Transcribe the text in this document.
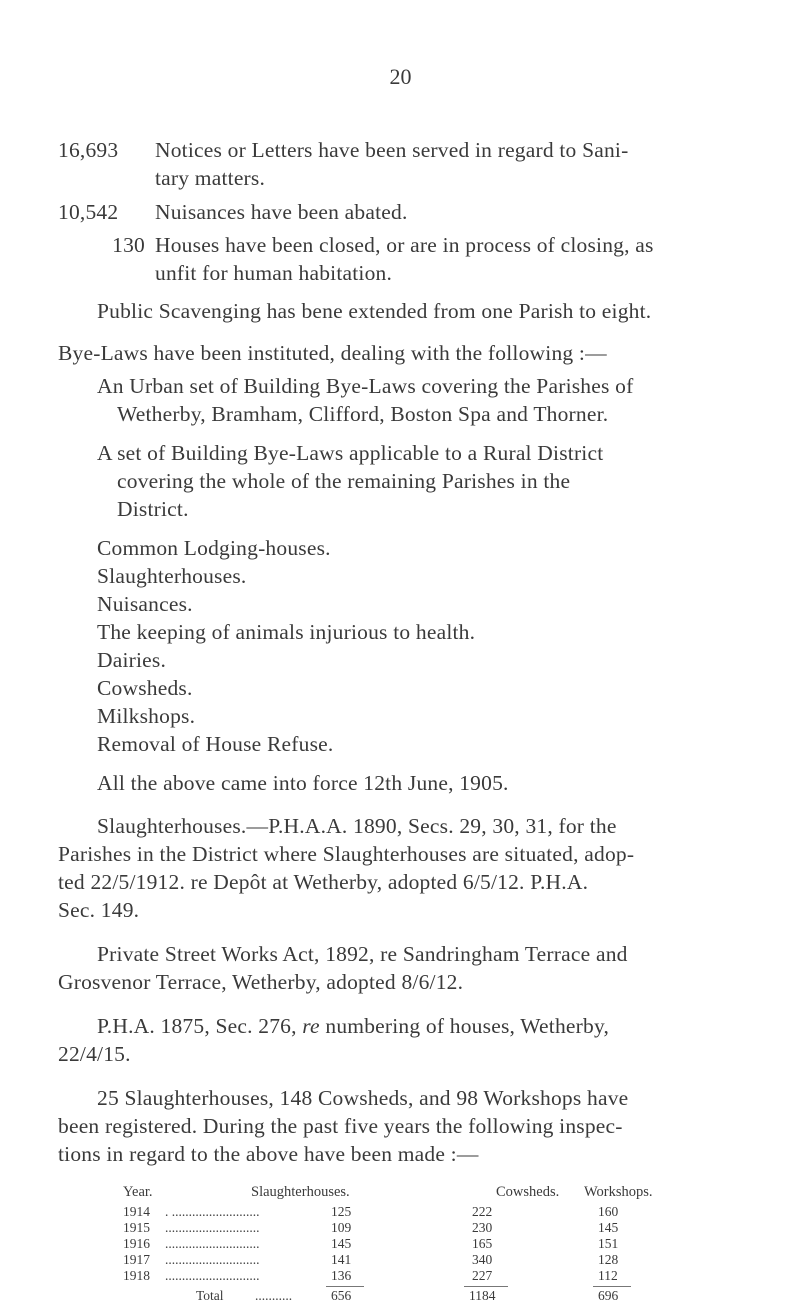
20
16,693 Notices or Letters have been served in regard to Sani-
tary matters.
10,542 Nuisances have been abated.
130 Houses have been closed, or are in process of closing, as
unfit for human habitation.
Public Scavenging has bene extended from one Parish to eight.
Bye-Laws have been instituted, dealing with the following :—
An Urban set of Building Bye-Laws covering the Parishes of
Wetherby, Bramham, Clifford, Boston Spa and Thorner.
A set of Building Bye-Laws applicable to a Rural District
covering the whole of the remaining Parishes in the
District.
Common Lodging-houses.
Slaughterhouses.
Nuisances.
The keeping of animals injurious to health.
Dairies.
Cowsheds.
Milkshops.
Removal of House Refuse.
All the above came into force 12th June, 1905.
Slaughterhouses.—P.H.A.A. 1890, Secs. 29, 30, 31, for the
Parishes in the District where Slaughterhouses are situated, adop-
ted 22/5/1912. re Depôt at Wetherby, adopted 6/5/12. P.H.A.
Sec. 149.
Private Street Works Act, 1892, re Sandringham Terrace and
Grosvenor Terrace, Wetherby, adopted 8/6/12.
P.H.A. 1875, Sec. 276, re numbering of houses, Wetherby,
22/4/15.
25 Slaughterhouses, 148 Cowsheds, and 98 Workshops have
been registered. During the past five years the following inspec-
tions in regard to the above have been made :—
Year.	Slaughterhouses.	Cowsheds. Workshops.
1914 . ..........................	125	222	160
1915 ............................	109	230	145
1916 ............................	145	165	151
1917 ............................	141	340	128
1918 ............................	136	227	112
Total ...........	656	1184	696
